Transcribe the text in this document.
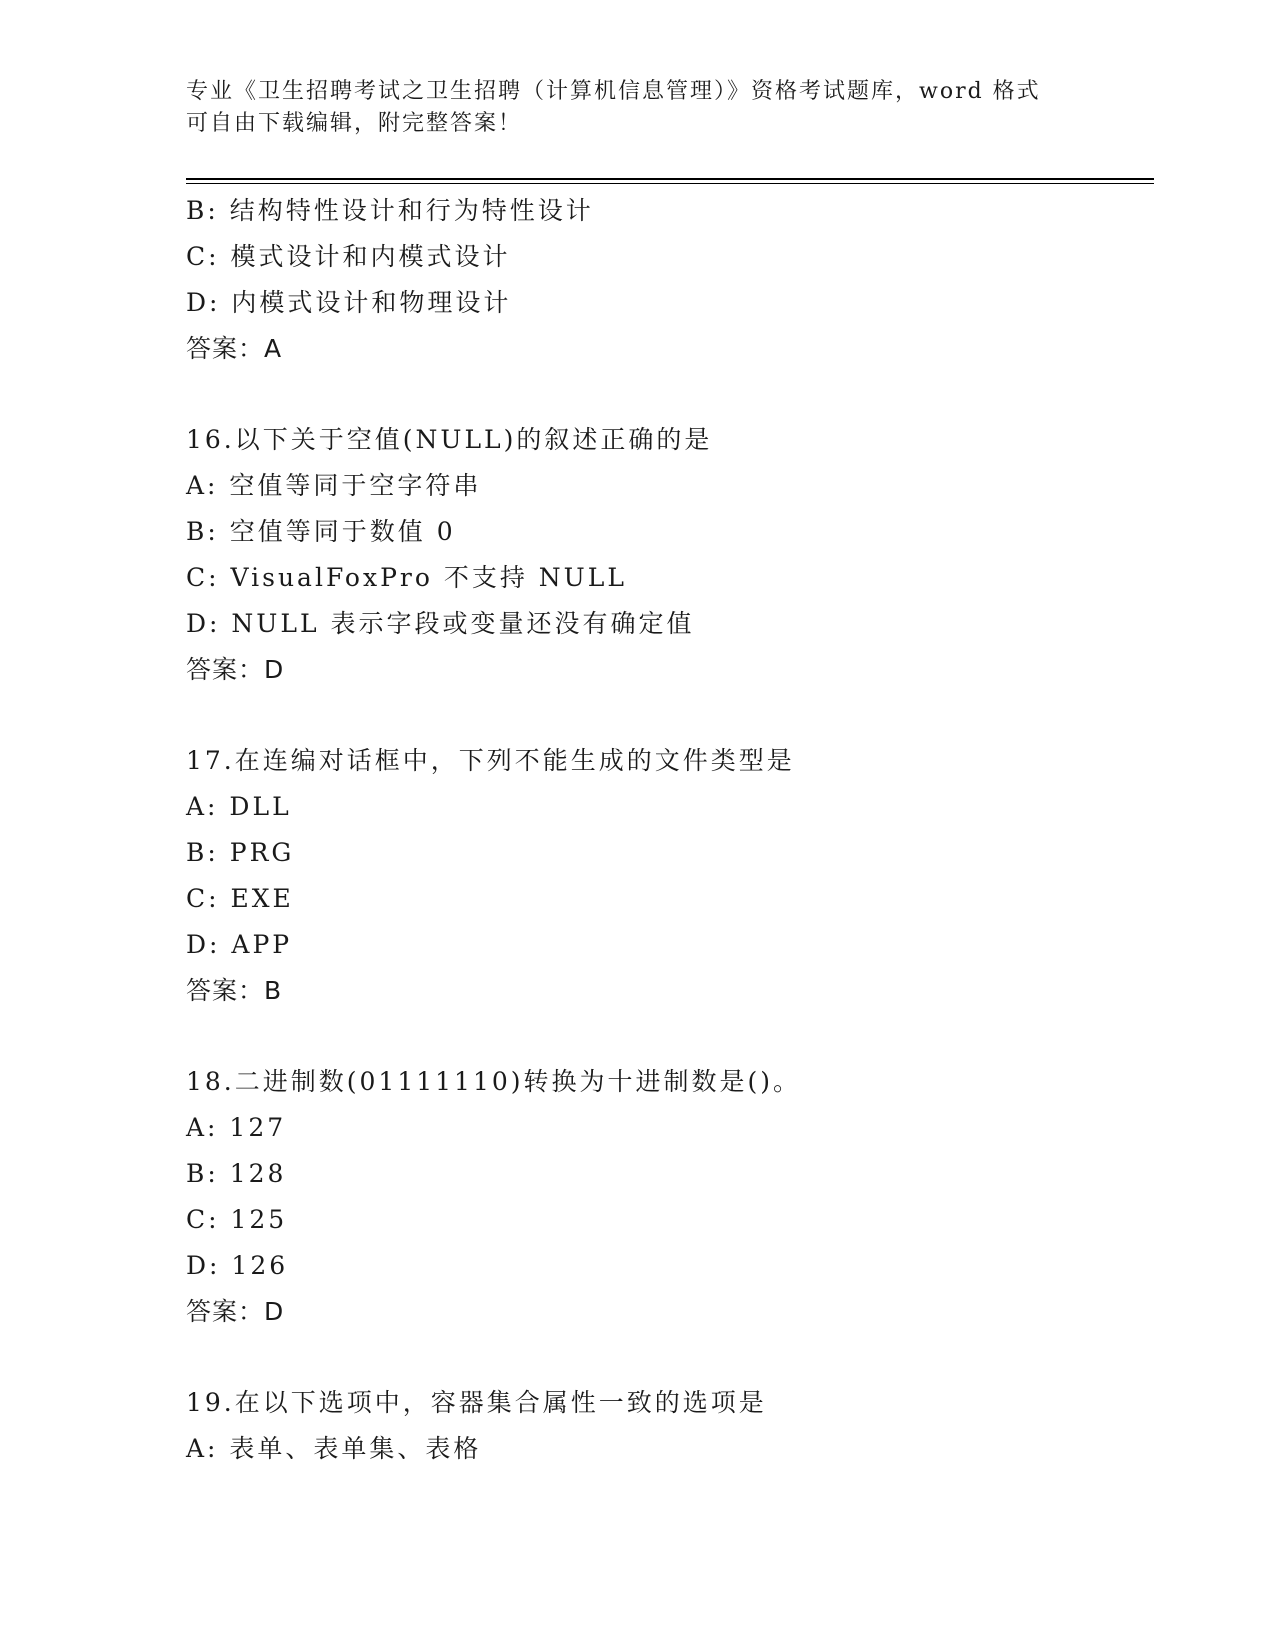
专业《卫生招聘考试之卫生招聘（计算机信息管理）》资格考试题库，word 格式
可自由下载编辑，附完整答案！
B: 结构特性设计和行为特性设计
C: 模式设计和内模式设计
D: 内模式设计和物理设计
答案：A
16.以下关于空值(NULL)的叙述正确的是
A: 空值等同于空字符串
B: 空值等同于数值 0
C: VisualFoxPro 不支持 NULL
D: NULL 表示字段或变量还没有确定值
答案：D
17.在连编对话框中，下列不能生成的文件类型是
A: DLL
B: PRG
C: EXE
D: APP
答案：B
18.二进制数(01111110)转换为十进制数是()。
A: 127
B: 128
C: 125
D: 126
答案：D
19.在以下选项中，容器集合属性一致的选项是
A: 表单、表单集、表格
